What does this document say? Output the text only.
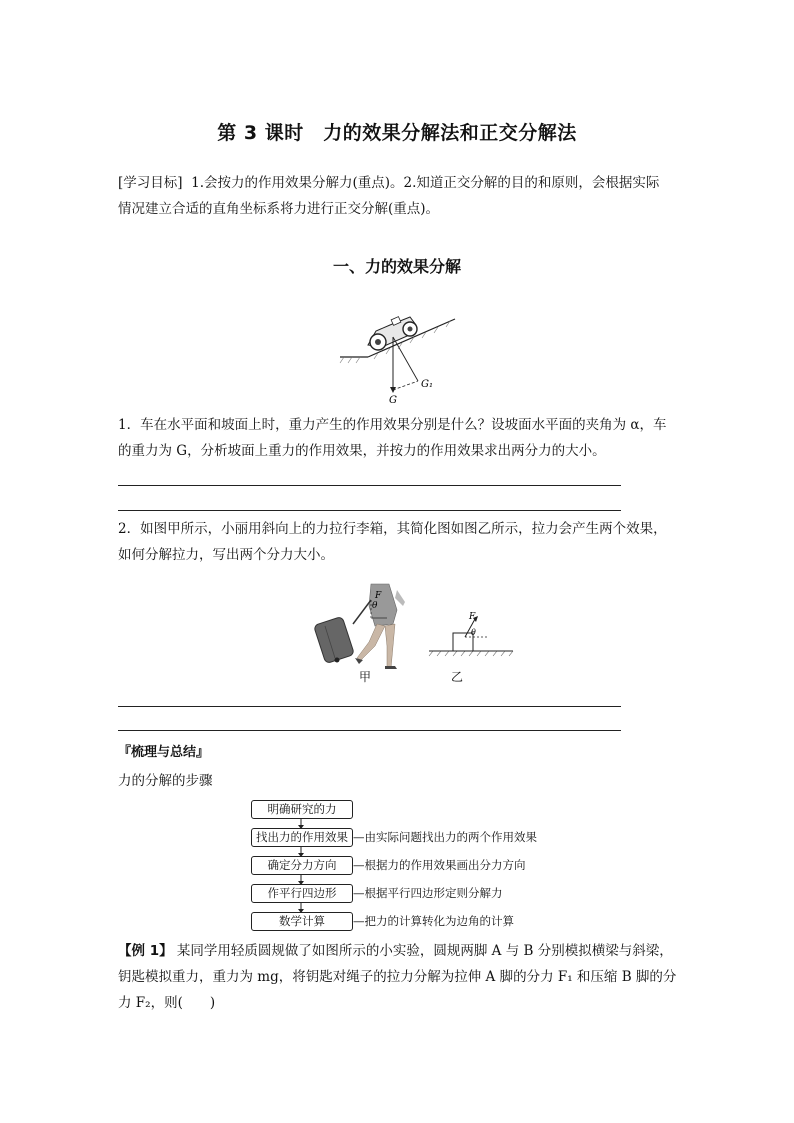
第 3 课时　力的效果分解法和正交分解法
[学习目标] 1.会按力的作用效果分解力(重点)。2.知道正交分解的目的和原则，会根据实际
情况建立合适的直角坐标系将力进行正交分解(重点)。
一、力的效果分解
G₁
G
1．车在水平面和坡面上时，重力产生的作用效果分别是什么？设坡面水平面的夹角为 α，车
的重力为 G，分析坡面上重力的作用效果，并按力的作用效果求出两分力的大小。
2．如图甲所示，小丽用斜向上的力拉行李箱，其简化图如图乙所示，拉力会产生两个效果，
如何分解拉力，写出两个分力大小。
θ
F
甲
F
θ
乙
『梳理与总结』
力的分解的步骤
明确研究的力
找出力的作用效果
确定分力方向
作平行四边形
数学计算
—由实际问题找出力的两个作用效果
—根据力的作用效果画出分力方向
—根据平行四边形定则分解力
—把力的计算转化为边角的计算
【例 1】 某同学用轻质圆规做了如图所示的小实验，圆规两脚 A 与 B 分别模拟横梁与斜梁，
钥匙模拟重力，重力为 mg，将钥匙对绳子的拉力分解为拉伸 A 脚的分力 F₁ 和压缩 B 脚的分
力 F₂，则(　　)
